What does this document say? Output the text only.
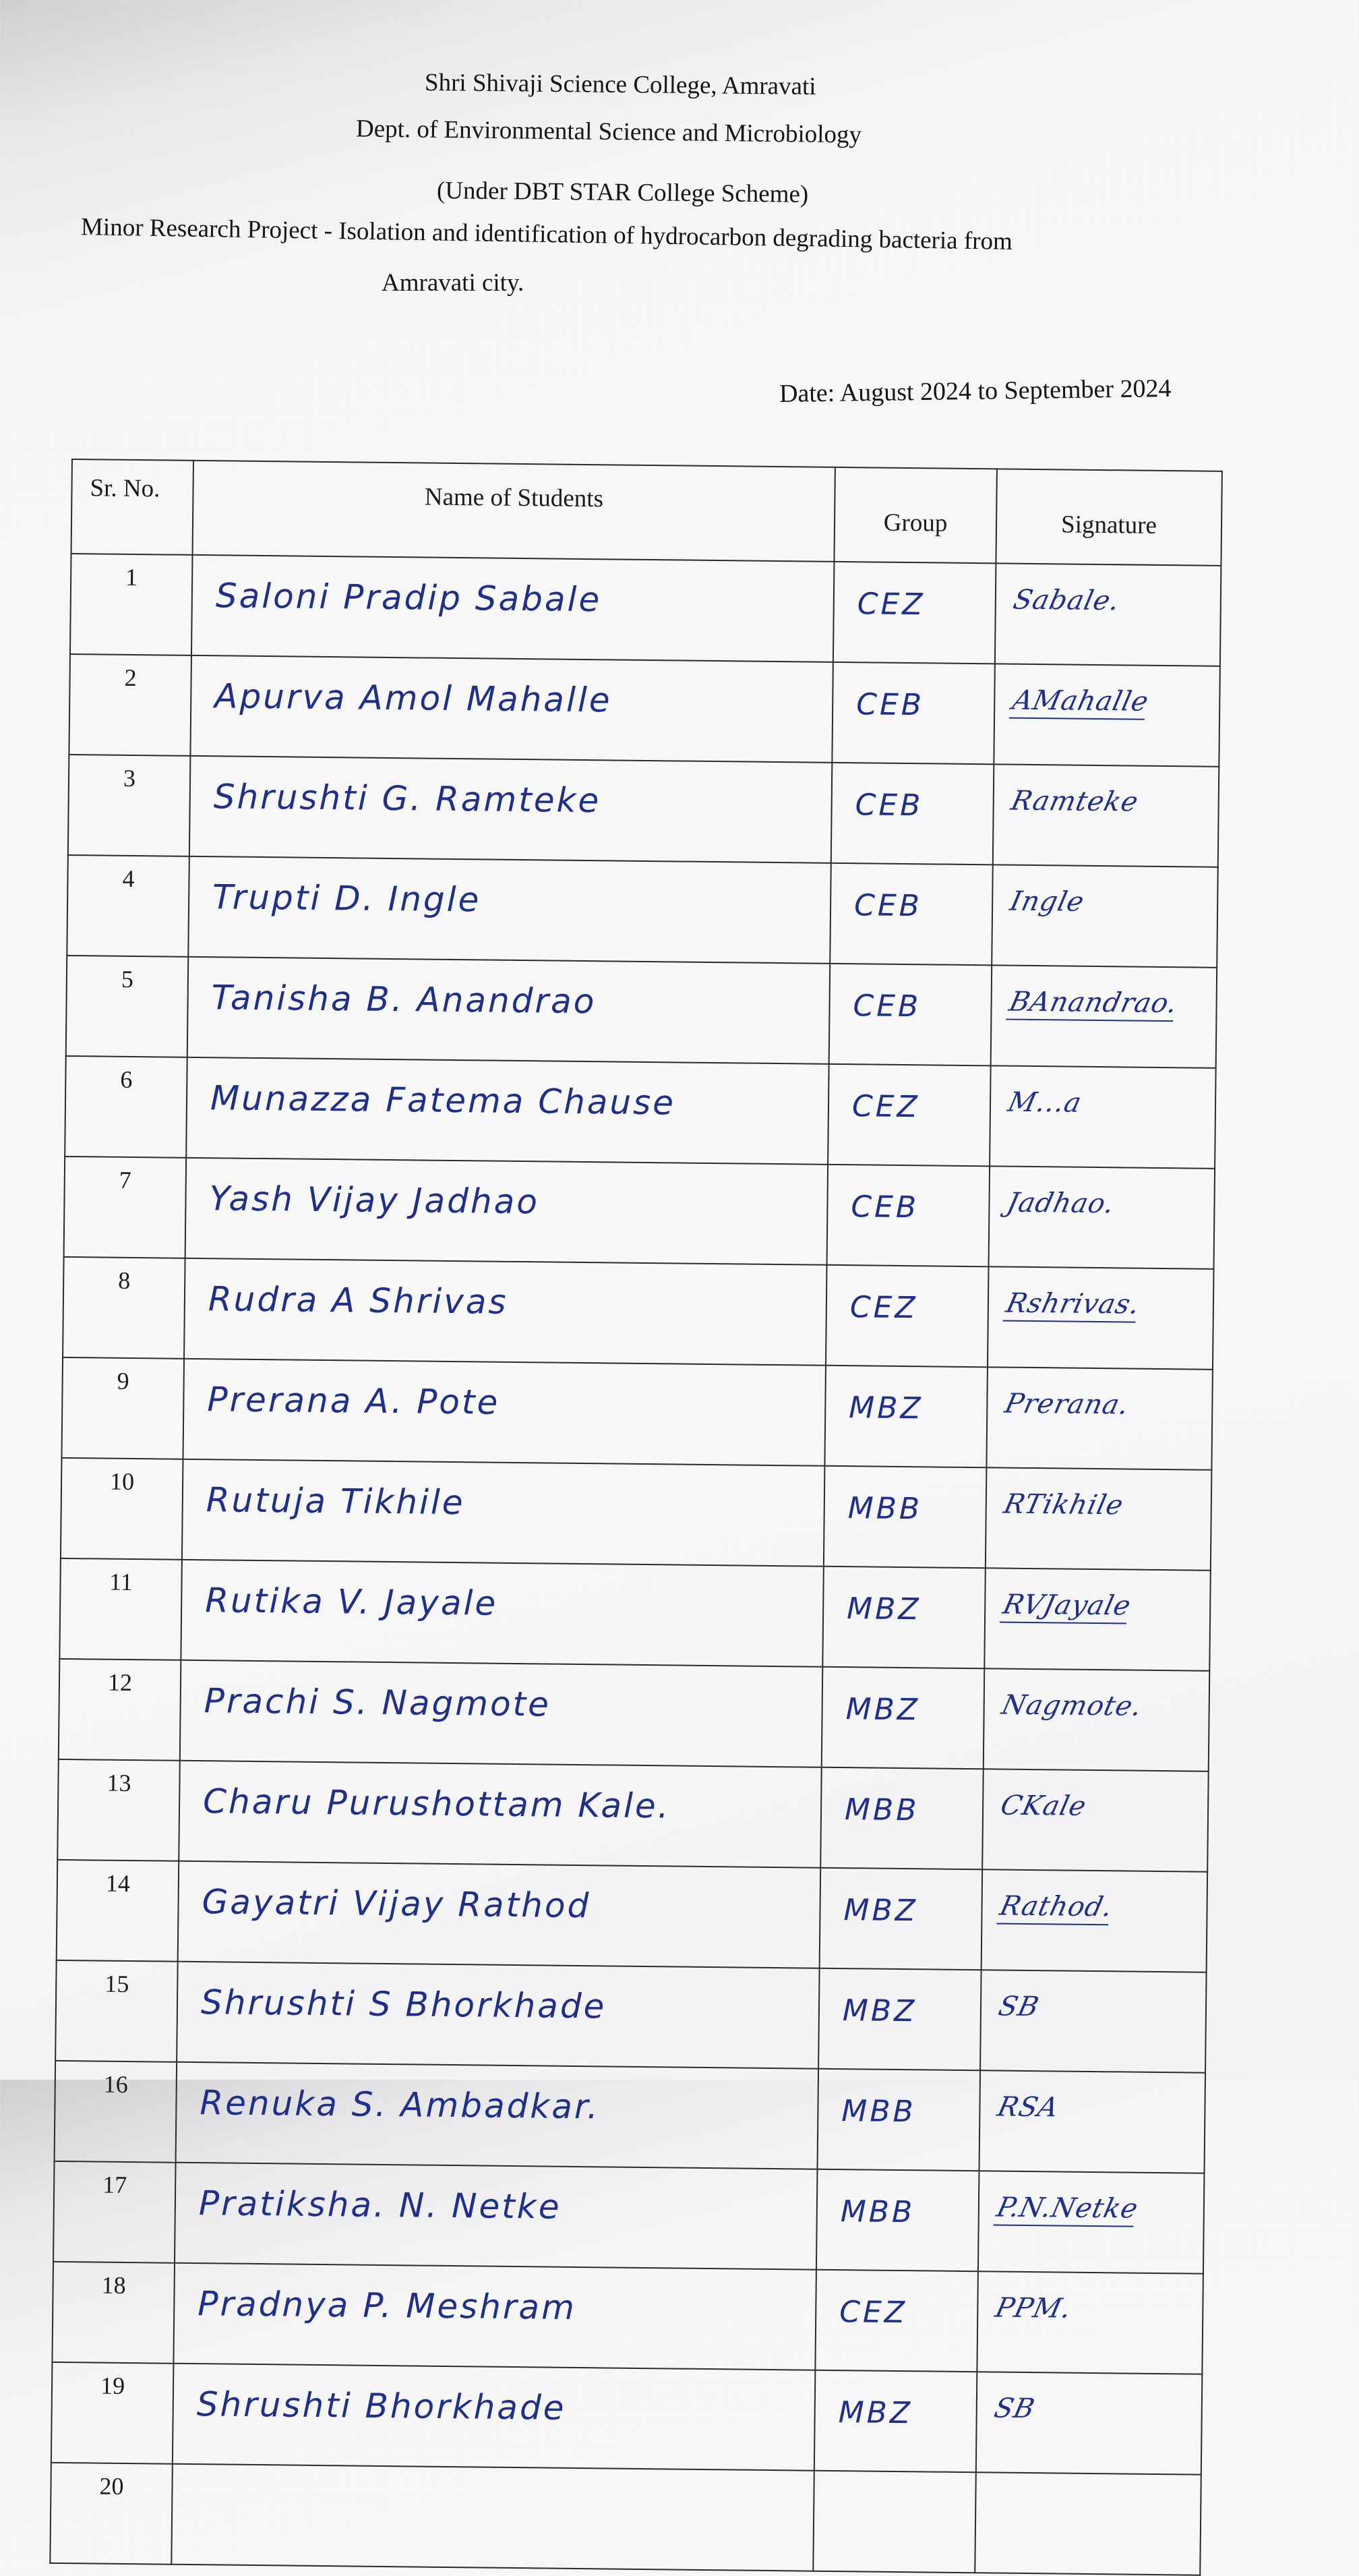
Shri Shivaji Science College, Amravati
Dept. of Environmental Science and Microbiology
(Under DBT STAR College Scheme)
Minor Research Project - Isolation and identification of hydrocarbon degrading bacteria from
Amravati city.
Date: August 2024 to September 2024
Sr. No.	Name of Students	Group	Signature
1	Saloni Pradip Sabale	CEZ	Sabale.
2	Apurva Amol Mahalle	CEB	AMahalle
3	Shrushti G. Ramteke	CEB	Ramteke
4	Trupti D. Ingle	CEB	Ingle
5	Tanisha B. Anandrao	CEB	BAnandrao.
6	Munazza Fatema Chause	CEZ	M...a
7	Yash Vijay Jadhao	CEB	Jadhao.
8	Rudra A Shrivas	CEZ	Rshrivas.
9	Prerana A. Pote	MBZ	Prerana.
10	Rutuja Tikhile	MBB	RTikhile
11	Rutika V. Jayale	MBZ	RVJayale
12	Prachi S. Nagmote	MBZ	Nagmote.
13	Charu Purushottam Kale.	MBB	CKale
14	Gayatri Vijay Rathod	MBZ	Rathod.
15	Shrushti S Bhorkhade	MBZ	SB
16	Renuka S. Ambadkar.	MBB	RSA
17	Pratiksha. N. Netke	MBB	P.N.Netke
18	Pradnya P. Meshram	CEZ	PPM.
19	Shrushti Bhorkhade	MBZ	SB
20			
